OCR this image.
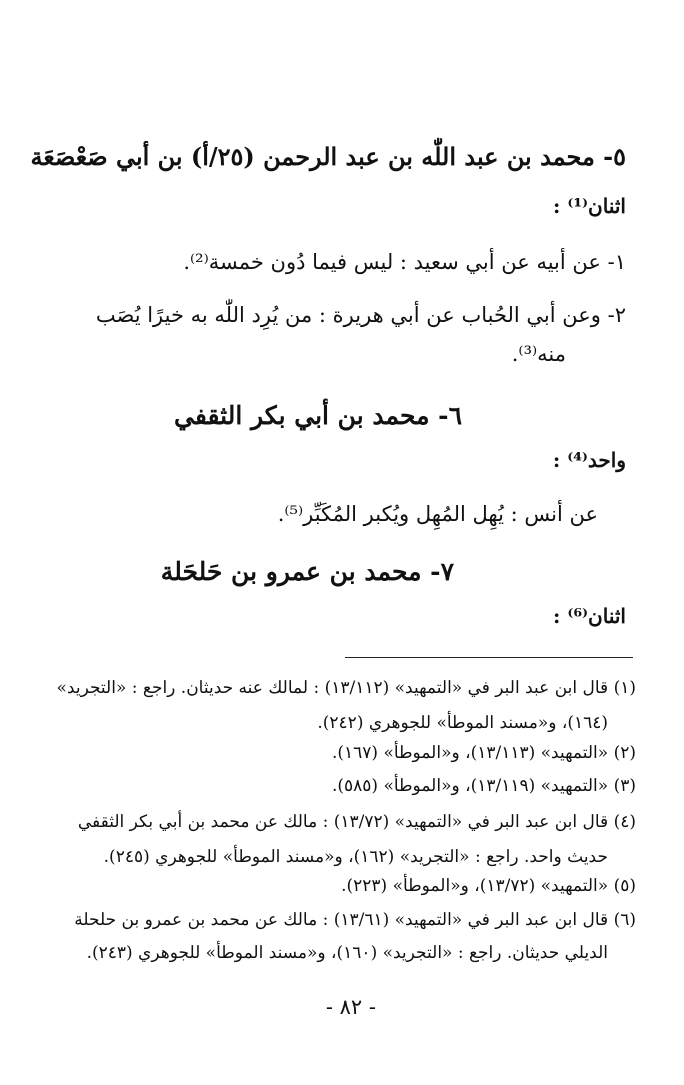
٥- محمد بن عبد اللّٰه بن عبد الرحمن (٢٥/أ) بن أبي صَعْصَعَة
اثنان⁽¹⁾ :
١- عن أبيه عن أبي سعيد : ليس فيما دُون خمسة⁽²⁾.
٢- وعن أبي الحُباب عن أبي هريرة : من يُرِد اللّٰه به خيرًا يُصَب
منه⁽³⁾.
٦- محمد بن أبي بكر الثقفي
واحد⁽⁴⁾ :
عن أنس : يُهِل المُهِل ويُكبر المُكَبِّر⁽⁵⁾.
٧- محمد بن عمرو بن حَلحَلة
اثنان⁽⁶⁾ :
(١) قال ابن عبد البر في «التمهيد» (١٣/١١٢) : لمالك عنه حديثان. راجع : «التجريد»
(١٦٤)، و«مسند الموطأ» للجوهري (٢٤٢).
(٢) «التمهيد» (١٣/١١٣)، و«الموطأ» (١٦٧).
(٣) «التمهيد» (١٣/١١٩)، و«الموطأ» (٥٨٥).
(٤) قال ابن عبد البر في «التمهيد» (١٣/٧٢) : مالك عن محمد بن أبي بكر الثقفي
حديث واحد. راجع : «التجريد» (١٦٢)، و«مسند الموطأ» للجوهري (٢٤٥).
(٥) «التمهيد» (١٣/٧٢)، و«الموطأ» (٢٢٣).
(٦) قال ابن عبد البر في «التمهيد» (١٣/٦١) : مالك عن محمد بن عمرو بن حلحلة
الديلي حديثان. راجع : «التجريد» (١٦٠)، و«مسند الموطأ» للجوهري (٢٤٣).
- ٨٢ -
